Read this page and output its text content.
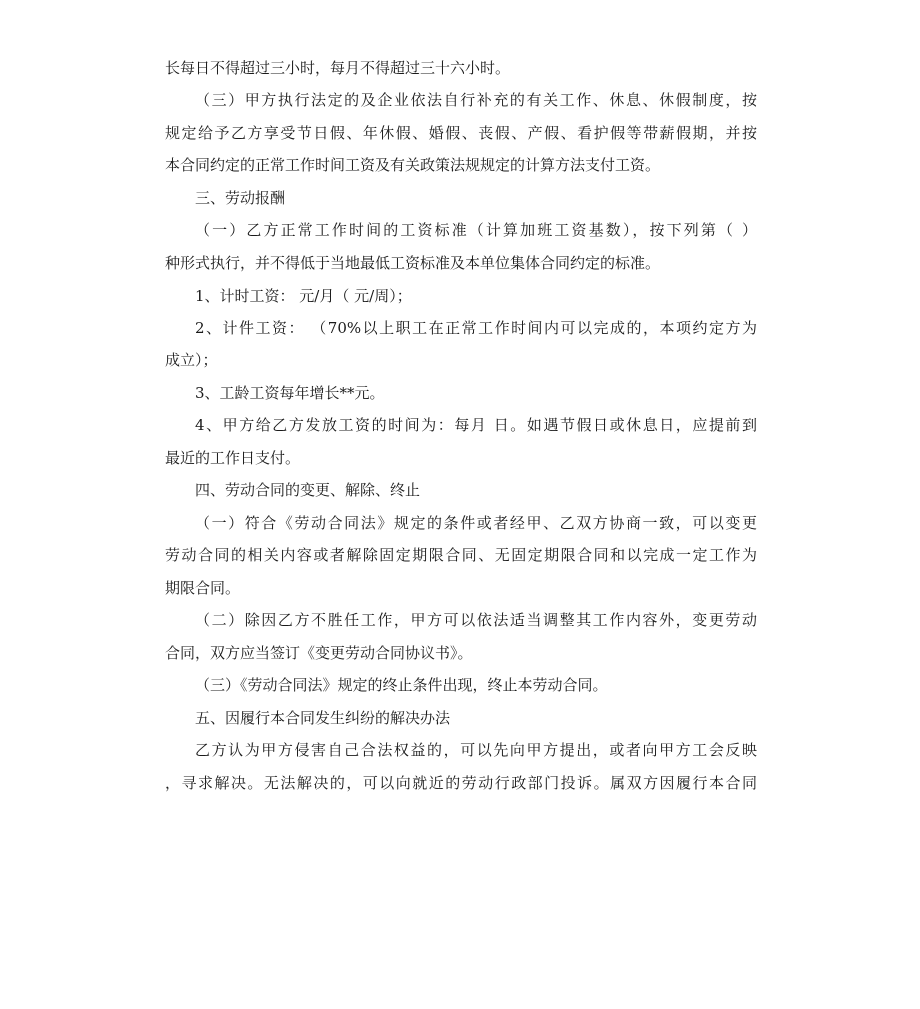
长每日不得超过三小时，每月不得超过三十六小时。
（三）甲方执行法定的及企业依法自行补充的有关工作、休息、休假制度，按
规定给予乙方享受节日假、年休假、婚假、丧假、产假、看护假等带薪假期，并按
本合同约定的正常工作时间工资及有关政策法规规定的计算方法支付工资。
三、劳动报酬
（一）乙方正常工作时间的工资标准（计算加班工资基数），按下列第（ ）
种形式执行，并不得低于当地最低工资标准及本单位集体合同约定的标准。
1、计时工资： 元/月（ 元/周）；
2、计件工资： （70%以上职工在正常工作时间内可以完成的，本项约定方为
成立）；
3、工龄工资每年增长**元。
4、甲方给乙方发放工资的时间为：每月 日。如遇节假日或休息日，应提前到
最近的工作日支付。
四、劳动合同的变更、解除、终止
（一）符合《劳动合同法》规定的条件或者经甲、乙双方协商一致，可以变更
劳动合同的相关内容或者解除固定期限合同、无固定期限合同和以完成一定工作为
期限合同。
（二）除因乙方不胜任工作，甲方可以依法适当调整其工作内容外，变更劳动
合同，双方应当签订《变更劳动合同协议书》。
（三）《劳动合同法》规定的终止条件出现，终止本劳动合同。
五、因履行本合同发生纠纷的解决办法
乙方认为甲方侵害自己合法权益的，可以先向甲方提出，或者向甲方工会反映
，寻求解决。无法解决的，可以向就近的劳动行政部门投诉。属双方因履行本合同
